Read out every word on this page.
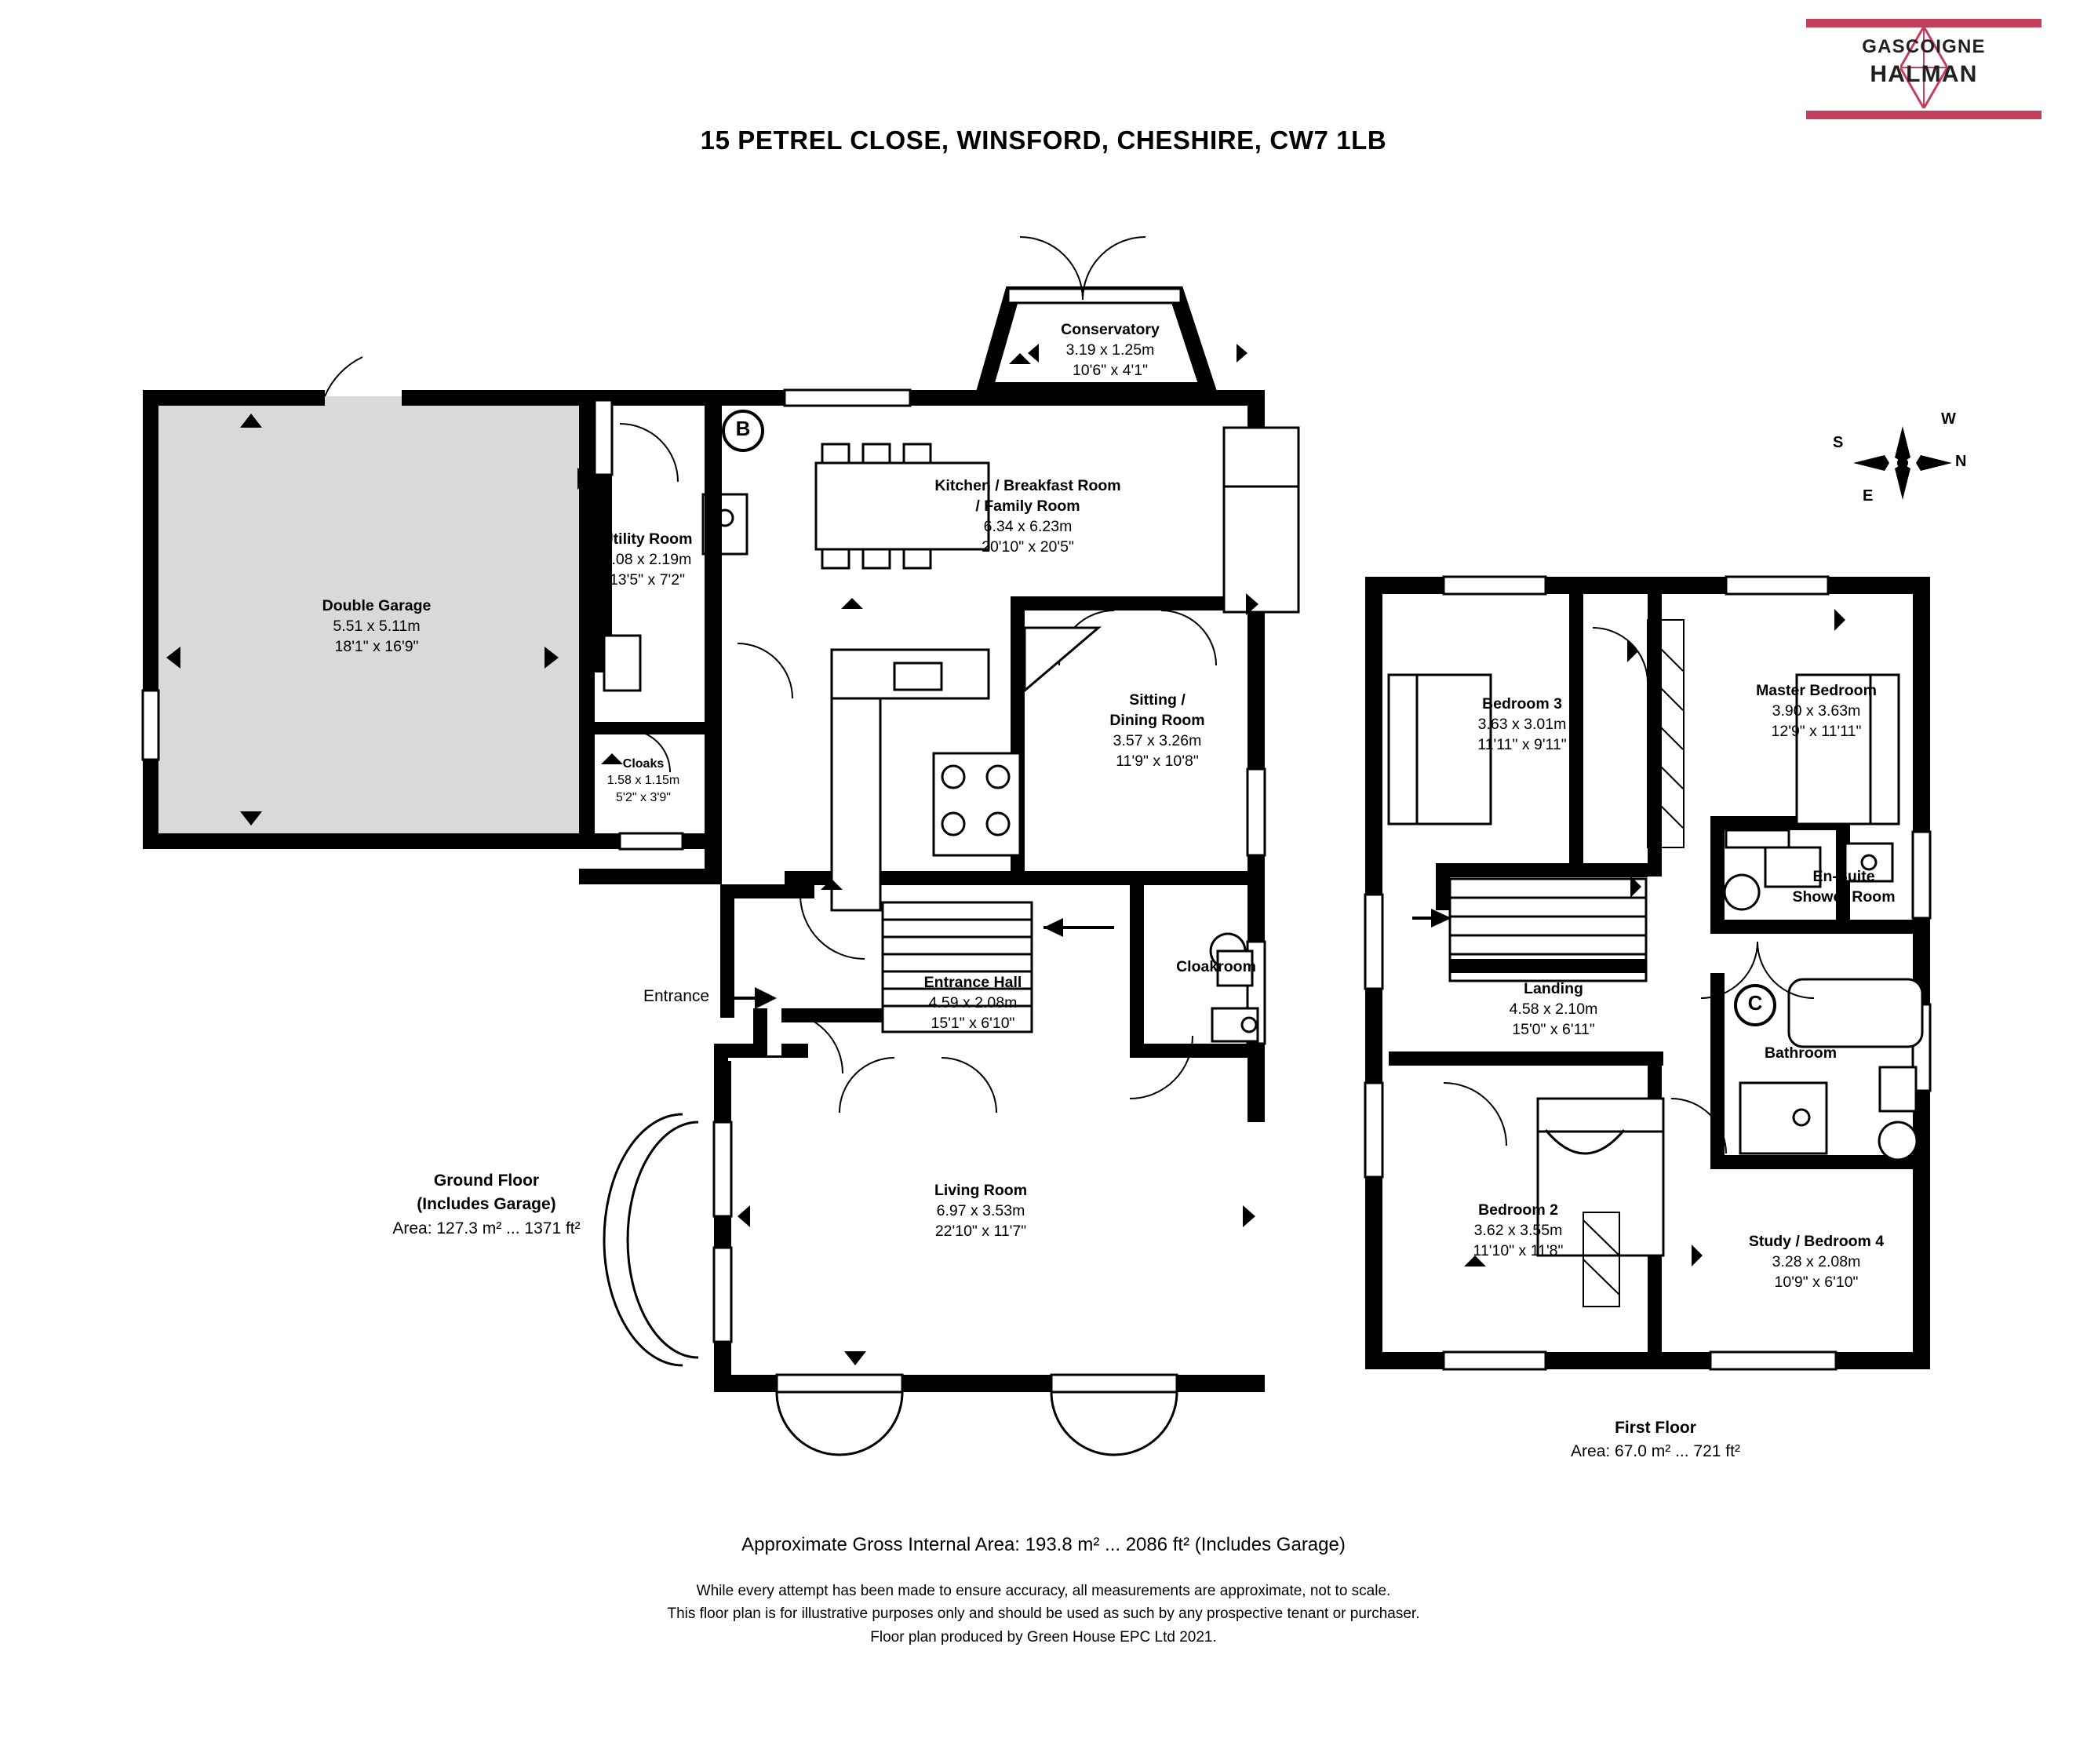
GASCOIGNE
HALMAN
15 PETREL CLOSE, WINSFORD, CHESHIRE, CW7 1LB
Double Garage
5.51 x 5.11m
18'1" x 16'9"
Utility Room
4.08 x 2.19m
13'5" x 7'2"
Cloaks
1.58 x 1.15m
5'2" x 3'9"
Conservatory
3.19 x 1.25m
10'6" x 4'1"
Kitchen / Breakfast Room
/ Family Room
6.34 x 6.23m
20'10" x 20'5"
Sitting /
Dining Room
3.57 x 3.26m
11'9" x 10'8"
Entrance Hall
4.59 x 2.08m
15'1" x 6'10"
Cloakroom
Living Room
6.97 x 3.53m
22'10" x 11'7"
Bedroom 3
3.63 x 3.01m
11'11" x 9'11"
Master Bedroom
3.90 x 3.63m
12'9" x 11'11"
En-Suite
Shower Room
Landing
4.58 x 2.10m
15'0" x 6'11"
Bathroom
Bedroom 2
3.62 x 3.55m
11'10" x 11'8"
Study / Bedroom 4
3.28 x 2.08m
10'9" x 6'10"
Ground Floor
(Includes Garage)
Area: 127.3 m² ... 1371 ft²
First Floor
Area: 67.0 m² ... 721 ft²
Entrance
B
C
W
N
S
E
Approximate Gross Internal Area: 193.8 m² ... 2086 ft² (Includes Garage)
While every attempt has been made to ensure accuracy, all measurements are approximate, not to scale.
This floor plan is for illustrative purposes only and should be used as such by any prospective tenant or purchaser.
Floor plan produced by Green House EPC Ltd 2021.
